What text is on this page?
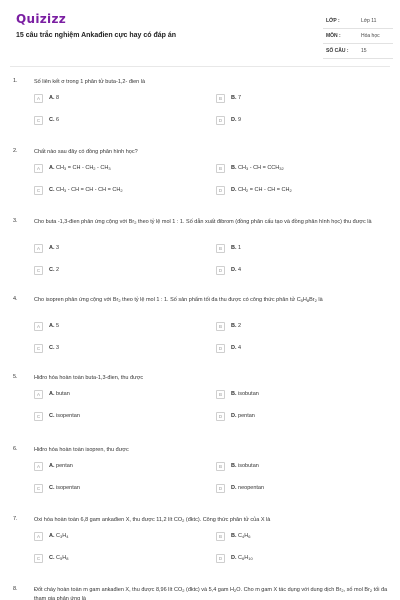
Quizizz
15 câu trắc nghiệm Ankađien cực hay có đáp án
LỚP :	Lớp 11
MÔN :	Hóa học
SỐ CÂU :	15
1.	Số liên kết σ trong 1 phân tử buta-1,2- đien là
A	A. 8	B	B. 7
C	C. 6	D	D. 9
2.	Chất nào sau đây có đồng phân hình học?
A	A. $CH_3$ = CH - $CH_2 - CH_3$	B	B. $CH_3$ - CH = $CCH_{32}$
C	C. $CH_3$ - CH = CH - CH = $CH_2$	D	D. $CH_2$ = CH - CH = $CH_2$
3.	Cho buta -1,3-đien phản ứng cộng với $Br_2$ theo tỷ lệ mol 1 : 1. Số dẫn xuất đibrom (đồng phân cấu tạo và đồng phân hình học) thu được là
A	A. 3	B	B. 1
C	C. 2	D	D. 4
4.	Cho isopren phản ứng cộng với $Br_2$ theo tỷ lệ mol 1 : 1. Số sản phẩm tối đa thu được có công thức phân tử $C_5H_8Br_2$ là
A	A. 5	B	B. 2
C	C. 3	D	D. 4
5.	Hiđro hóa hoàn toàn buta-1,3-đien, thu được
A	A. butan	B	B. isobutan
C	C. isopentan	D	D. pentan
6.	Hiđro hóa hoàn toàn isopren, thu được
A	A. pentan	B	B. isobutan
C	C. isopentan	D	D. neopentan
7.	Oxi hóa hoàn toàn 6,8 gam ankađien X, thu được 11,2 lít $CO_2$ (đktc). Công thức phân tử của X là
A	A. $C_3H_4$	B	B. $C_4H_6$
C	C. $C_5H_8$	D	D. $C_6H_{10}$
8.	Đốt cháy hoàn toàn m gam ankađien X, thu được 8,96 lít $CO_2$ (đktc) và 5,4 gam $H_2O$. Cho m gam X tác dụng với dung dịch $Br_2$, số mol $Br_2$ tối đa tham gia phản ứng là
